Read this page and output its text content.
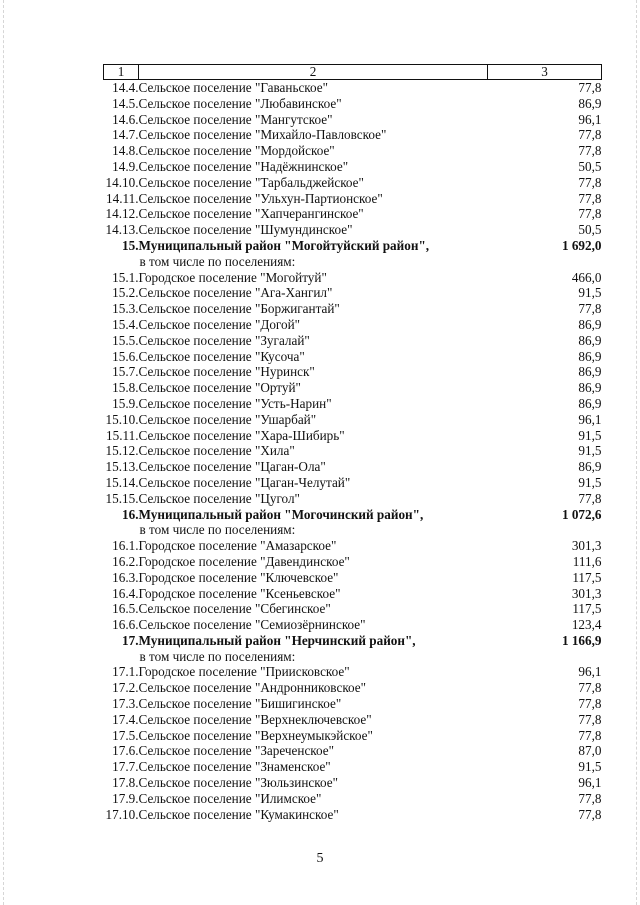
1	2	3
14.4.	Сельское поселение "Гаваньское"	77,8
14.5.	Сельское поселение "Любавинское"	86,9
14.6.	Сельское поселение "Мангутское"	96,1
14.7.	Сельское поселение "Михайло-Павловское"	77,8
14.8.	Сельское поселение "Мордойское"	77,8
14.9.	Сельское поселение "Надёжнинское"	50,5
14.10.	Сельское поселение "Тарбальджейское"	77,8
14.11.	Сельское поселение "Ульхун-Партионское"	77,8
14.12.	Сельское поселение "Хапчерангинское"	77,8
14.13.	Сельское поселение "Шумундинское"	50,5
15.	Муниципальный район "Могойтуйский район",	1 692,0
	в том числе по поселениям:	
15.1.	Городское поселение "Могойтуй"	466,0
15.2.	Сельское поселение "Ага-Хангил"	91,5
15.3.	Сельское поселение "Боржигантай"	77,8
15.4.	Сельское поселение "Догой"	86,9
15.5.	Сельское поселение "Зугалай"	86,9
15.6.	Сельское поселение "Кусоча"	86,9
15.7.	Сельское поселение "Нуринск"	86,9
15.8.	Сельское поселение "Ортуй"	86,9
15.9.	Сельское поселение "Усть-Нарин"	86,9
15.10.	Сельское поселение "Ушарбай"	96,1
15.11.	Сельское поселение "Хара-Шибирь"	91,5
15.12.	Сельское поселение "Хила"	91,5
15.13.	Сельское поселение "Цаган-Ола"	86,9
15.14.	Сельское поселение "Цаган-Челутай"	91,5
15.15.	Сельское поселение "Цугол"	77,8
16.	Муниципальный район "Могочинский район",	1 072,6
	в том числе по поселениям:	
16.1.	Городское поселение "Амазарское"	301,3
16.2.	Городское поселение "Давендинское"	111,6
16.3.	Городское поселение "Ключевское"	117,5
16.4.	Городское поселение "Ксеньевское"	301,3
16.5.	Сельское поселение "Сбегинское"	117,5
16.6.	Сельское поселение "Семиозёрнинское"	123,4
17.	Муниципальный район "Нерчинский район",	1 166,9
	в том числе по поселениям:	
17.1.	Городское поселение "Приисковское"	96,1
17.2.	Сельское поселение "Андронниковское"	77,8
17.3.	Сельское поселение "Бишигинское"	77,8
17.4.	Сельское поселение "Верхнеключевское"	77,8
17.5.	Сельское поселение "Верхнеумыкэйское"	77,8
17.6.	Сельское поселение "Зареченское"	87,0
17.7.	Сельское поселение "Знаменское"	91,5
17.8.	Сельское поселение "Зюльзинское"	96,1
17.9.	Сельское поселение "Илимское"	77,8
17.10.	Сельское поселение "Кумакинское"	77,8
5
